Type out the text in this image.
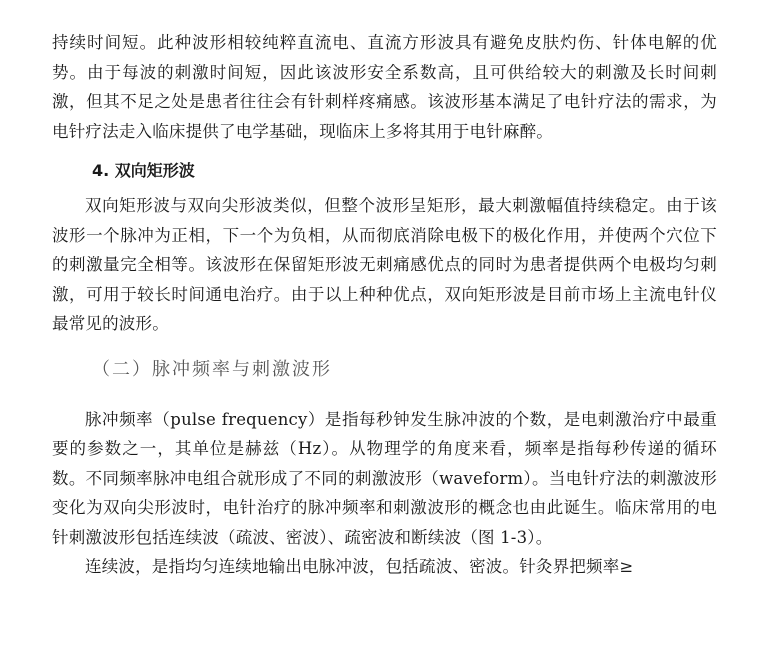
持续时间短。此种波形相较纯粹直流电、直流方形波具有避免皮肤灼伤、针体电解的优势。由于每波的刺激时间短，因此该波形安全系数高，且可供给较大的刺激及长时间刺激，但其不足之处是患者往往会有针刺样疼痛感。该波形基本满足了电针疗法的需求，为电针疗法走入临床提供了电学基础，现临床上多将其用于电针麻醉。

4. 双向矩形波

双向矩形波与双向尖形波类似，但整个波形呈矩形，最大刺激幅值持续稳定。由于该波形一个脉冲为正相，下一个为负相，从而彻底消除电极下的极化作用，并使两个穴位下的刺激量完全相等。该波形在保留矩形波无刺痛感优点的同时为患者提供两个电极均匀刺激，可用于较长时间通电治疗。由于以上种种优点，双向矩形波是目前市场上主流电针仪最常见的波形。

（二）脉冲频率与刺激波形

脉冲频率（pulse frequency）是指每秒钟发生脉冲波的个数，是电刺激治疗中最重要的参数之一，其单位是赫兹（Hz）。从物理学的角度来看，频率是指每秒传递的循环数。不同频率脉冲电组合就形成了不同的刺激波形（waveform）。当电针疗法的刺激波形变化为双向尖形波时，电针治疗的脉冲频率和刺激波形的概念也由此诞生。临床常用的电针刺激波形包括连续波（疏波、密波）、疏密波和断续波（图 1-3）。

连续波，是指均匀连续地输出电脉冲波，包括疏波、密波。针灸界把频率≥
